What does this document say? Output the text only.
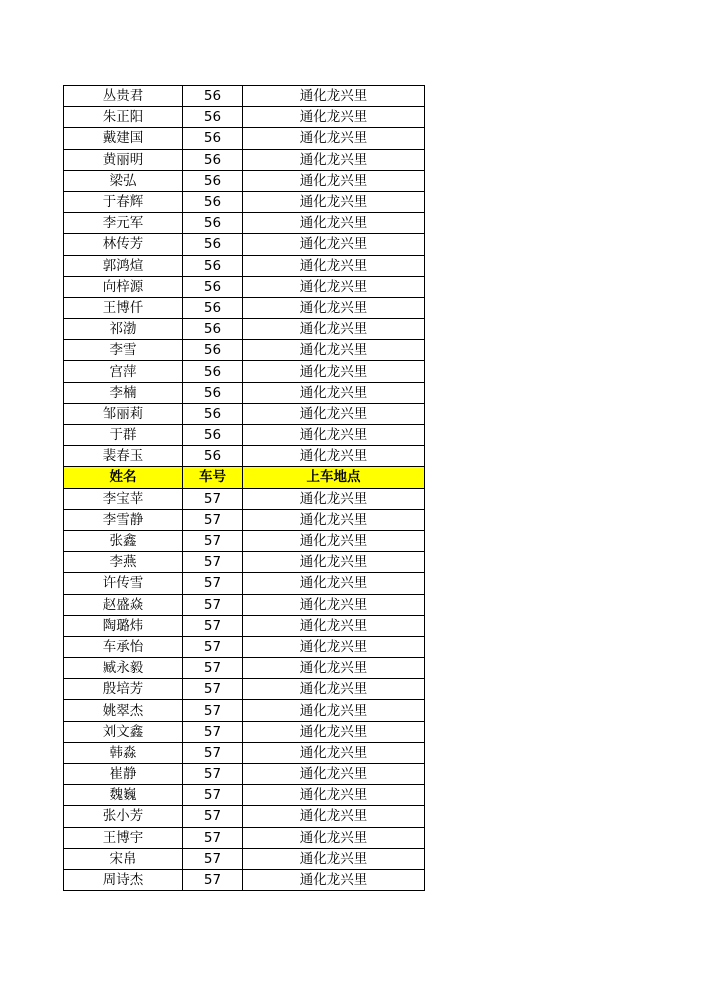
丛贵君	56	通化龙兴里
朱正阳	56	通化龙兴里
戴建国	56	通化龙兴里
黄丽明	56	通化龙兴里
梁弘	56	通化龙兴里
于春辉	56	通化龙兴里
李元军	56	通化龙兴里
林传芳	56	通化龙兴里
郭鸿煊	56	通化龙兴里
向梓源	56	通化龙兴里
王博仟	56	通化龙兴里
祁渤	56	通化龙兴里
李雪	56	通化龙兴里
宫萍	56	通化龙兴里
李楠	56	通化龙兴里
邹丽莉	56	通化龙兴里
于群	56	通化龙兴里
裴春玉	56	通化龙兴里
姓名	车号	上车地点
李宝苹	57	通化龙兴里
李雪静	57	通化龙兴里
张鑫	57	通化龙兴里
李燕	57	通化龙兴里
许传雪	57	通化龙兴里
赵盛焱	57	通化龙兴里
陶璐炜	57	通化龙兴里
车承怡	57	通化龙兴里
臧永毅	57	通化龙兴里
殷培芳	57	通化龙兴里
姚翠杰	57	通化龙兴里
刘文鑫	57	通化龙兴里
韩淼	57	通化龙兴里
崔静	57	通化龙兴里
魏巍	57	通化龙兴里
张小芳	57	通化龙兴里
王博宇	57	通化龙兴里
宋帛	57	通化龙兴里
周诗杰	57	通化龙兴里
